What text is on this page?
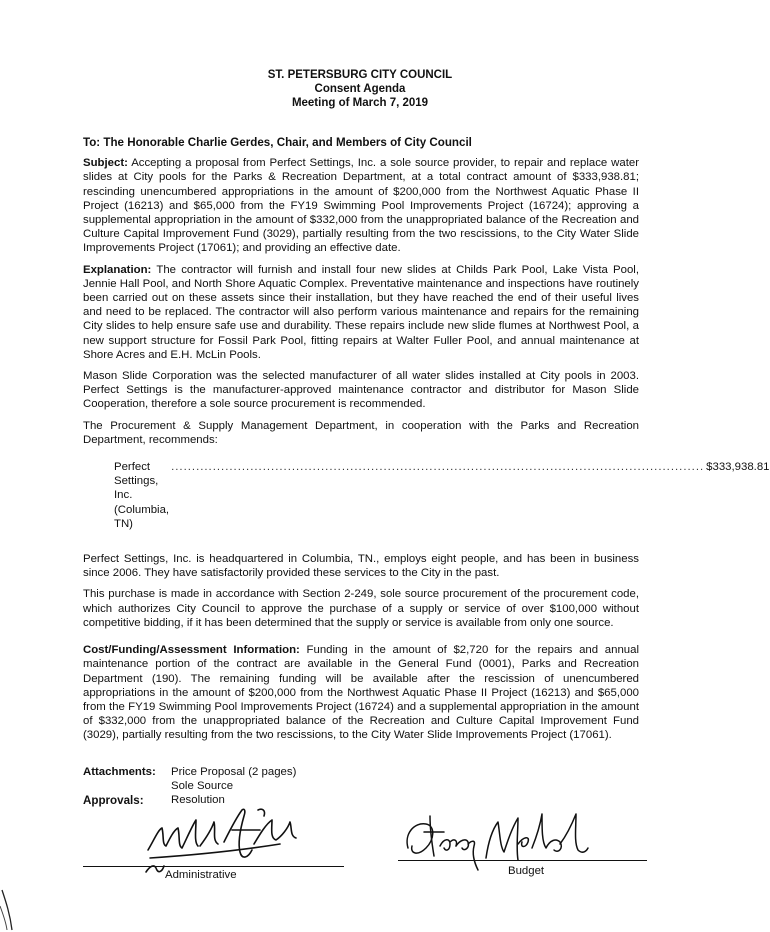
ST. PETERSBURG CITY COUNCIL
Consent Agenda
Meeting of March 7, 2019
To: The Honorable Charlie Gerdes, Chair, and Members of City Council

Subject: Accepting a proposal from Perfect Settings, Inc. a sole source provider, to repair and replace water slides at City pools for the Parks & Recreation Department, at a total contract amount of $333,938.81; rescinding unencumbered appropriations in the amount of $200,000 from the Northwest Aquatic Phase II Project (16213) and $65,000 from the FY19 Swimming Pool Improvements Project (16724); approving a supplemental appropriation in the amount of $332,000 from the unappropriated balance of the Recreation and Culture Capital Improvement Fund (3029), partially resulting from the two rescissions, to the City Water Slide Improvements Project (17061); and providing an effective date.

Explanation: The contractor will furnish and install four new slides at Childs Park Pool, Lake Vista Pool, Jennie Hall Pool, and North Shore Aquatic Complex. Preventative maintenance and inspections have routinely been carried out on these assets since their installation, but they have reached the end of their useful lives and need to be replaced. The contractor will also perform various maintenance and repairs for the remaining City slides to help ensure safe use and durability. These repairs include new slide flumes at Northwest Pool, a new support structure for Fossil Park Pool, fitting repairs at Walter Fuller Pool, and annual maintenance at Shore Acres and E.H. McLin Pools.

Mason Slide Corporation was the selected manufacturer of all water slides installed at City pools in 2003. Perfect Settings is the manufacturer-approved maintenance contractor and distributor for Mason Slide Cooperation, therefore a sole source procurement is recommended.

The Procurement & Supply Management Department, in cooperation with the Parks and Recreation Department, recommends:

Perfect Settings, Inc. (Columbia, TN)
................................................................................................................................ $333,938.81

Perfect Settings, Inc. is headquartered in Columbia, TN., employs eight people, and has been in business since 2006. They have satisfactorily provided these services to the City in the past.

This purchase is made in accordance with Section 2-249, sole source procurement of the procurement code, which authorizes City Council to approve the purchase of a supply or service of over $100,000 without competitive bidding, if it has been determined that the supply or service is available from only one source.

Cost/Funding/Assessment Information: Funding in the amount of $2,720 for the repairs and annual maintenance portion of the contract are available in the General Fund (0001), Parks and Recreation Department (190). The remaining funding will be available after the rescission of unencumbered appropriations in the amount of $200,000 from the Northwest Aquatic Phase II Project (16213) and $65,000 from the FY19 Swimming Pool Improvements Project (16724) and a supplemental appropriation in the amount of $332,000 from the unappropriated balance of the Recreation and Culture Capital Improvement Fund (3029), partially resulting from the two rescissions, to the City Water Slide Improvements Project (17061).

Attachments:	Price Proposal (2 pages)
Sole Source
Resolution
Approvals:
Administrative	Budget
